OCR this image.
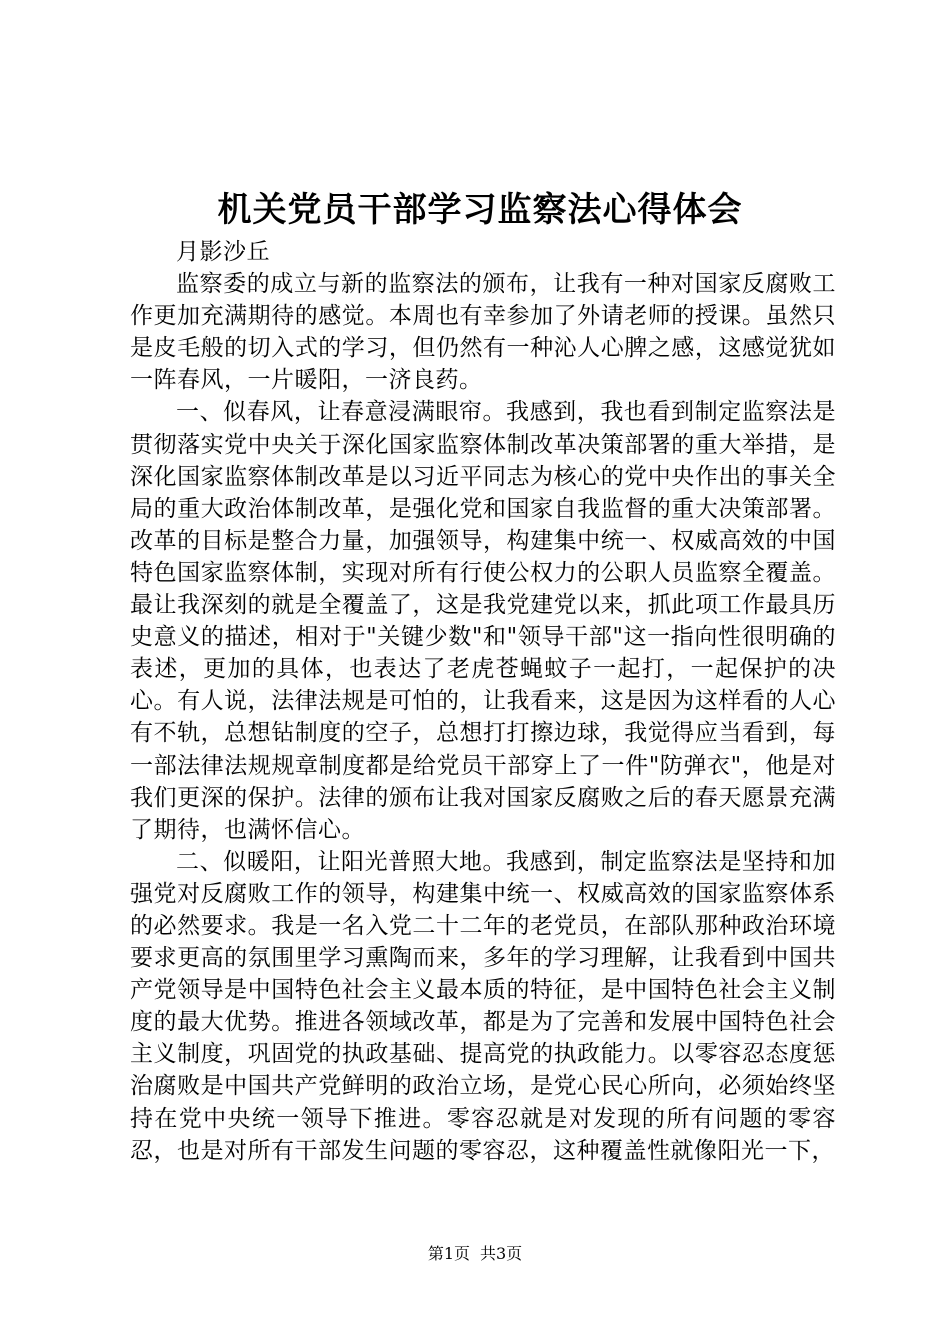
机关党员干部学习监察法心得体会

月影沙丘

监察委的成立与新的监察法的颁布，让我有一种对国家反腐败工作更加充满期待的感觉。本周也有幸参加了外请老师的授课。虽然只是皮毛般的切入式的学习，但仍然有一种沁人心脾之感，这感觉犹如一阵春风，一片暖阳，一济良药。

一、似春风，让春意浸满眼帘。我感到，我也看到制定监察法是贯彻落实党中央关于深化国家监察体制改革决策部署的重大举措，是深化国家监察体制改革是以习近平同志为核心的党中央作出的事关全局的重大政治体制改革，是强化党和国家自我监督的重大决策部署。改革的目标是整合力量，加强领导，构建集中统一、权威高效的中国特色国家监察体制，实现对所有行使公权力的公职人员监察全覆盖。最让我深刻的就是全覆盖了，这是我党建党以来，抓此项工作最具历史意义的描述，相对于"关键少数"和"领导干部"这一指向性很明确的表述，更加的具体，也表达了老虎苍蝇蚊子一起打，一起保护的决心。有人说，法律法规是可怕的，让我看来，这是因为这样看的人心有不轨，总想钻制度的空子，总想打打擦边球，我觉得应当看到，每一部法律法规规章制度都是给党员干部穿上了一件"防弹衣"，他是对我们更深的保护。法律的颁布让我对国家反腐败之后的春天愿景充满了期待，也满怀信心。

二、似暖阳，让阳光普照大地。我感到，制定监察法是坚持和加强党对反腐败工作的领导，构建集中统一、权威高效的国家监察体系的必然要求。我是一名入党二十二年的老党员，在部队那种政治环境要求更高的氛围里学习熏陶而来，多年的学习理解，让我看到中国共产党领导是中国特色社会主义最本质的特征，是中国特色社会主义制度的最大优势。推进各领域改革，都是为了完善和发展中国特色社会主义制度，巩固党的执政基础、提高党的执政能力。以零容忍态度惩治腐败是中国共产党鲜明的政治立场，是党心民心所向，必须始终坚持在党中央统一领导下推进。零容忍就是对发现的所有问题的零容忍，也是对所有干部发生问题的零容忍，这种覆盖性就像阳光一下，

第1页 共3页
